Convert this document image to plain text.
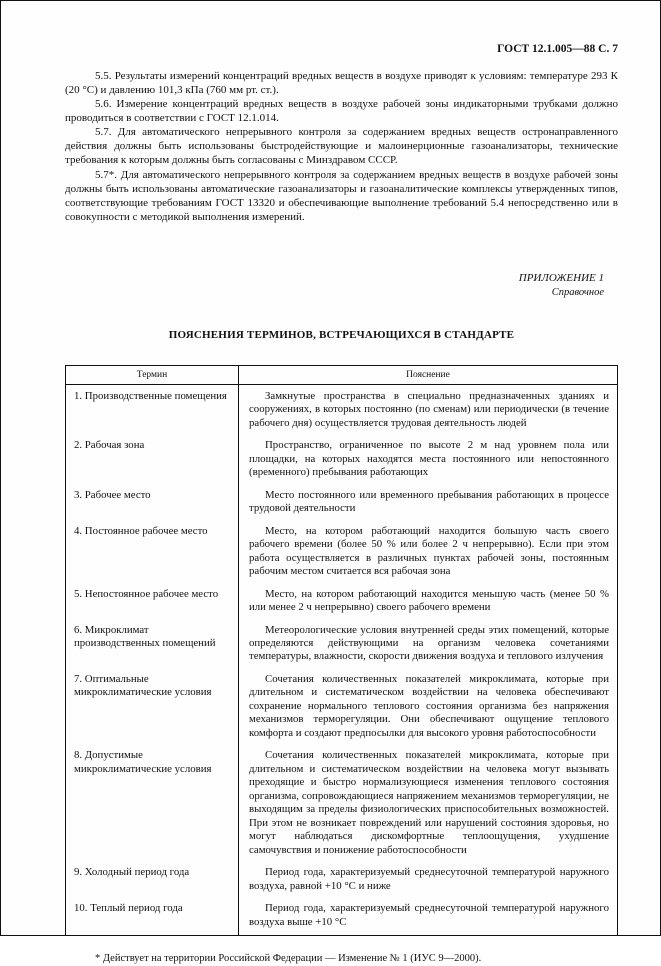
ГОСТ 12.1.005—88 С. 7

5.5. Результаты измерений концентраций вредных веществ в воздухе приводят к условиям: температуре 293 К (20 °С) и давлению 101,3 кПа (760 мм рт. ст.).

5.6. Измерение концентраций вредных веществ в воздухе рабочей зоны индикаторными трубками должно проводиться в соответствии с ГОСТ 12.1.014.

5.7. Для автоматического непрерывного контроля за содержанием вредных веществ остронаправленного действия должны быть использованы быстродействующие и малоинерционные газоанализаторы, технические требования к которым должны быть согласованы с Минздравом СССР.

5.7*. Для автоматического непрерывного контроля за содержанием вредных веществ в воздухе рабочей зоны должны быть использованы автоматические газоанализаторы и газоаналитические комплексы утвержденных типов, соответствующие требованиям ГОСТ 13320 и обеспечивающие выполнение требований 5.4 непосредственно или в совокупности с методикой выполнения измерений.

ПРИЛОЖЕНИЕ 1
Справочное
ПОЯСНЕНИЯ ТЕРМИНОВ, ВСТРЕЧАЮЩИХСЯ В СТАНДАРТЕ
Термин	Пояснение
1. Производственные помещения	Замкнутые пространства в специально предназначенных зданиях и сооружениях, в которых постоянно (по сменам) или периодически (в течение рабочего дня) осуществляется трудовая деятельность людей
2. Рабочая зона	Пространство, ограниченное по высоте 2 м над уровнем пола или площадки, на которых находятся места постоянного или непостоянного (временного) пребывания работающих
3. Рабочее место	Место постоянного или временного пребывания работающих в процессе трудовой деятельности
4. Постоянное рабочее место	Место, на котором работающий находится большую часть своего рабочего времени (более 50 % или более 2 ч непрерывно). Если при этом работа осуществляется в различных пунктах рабочей зоны, постоянным рабочим местом считается вся рабочая зона
5. Непостоянное рабочее место	Место, на котором работающий находится меньшую часть (менее 50 % или менее 2 ч непрерывно) своего рабочего времени
6. Микроклимат производственных помещений	Метеорологические условия внутренней среды этих помещений, которые определяются действующими на организм человека сочетаниями температуры, влажности, скорости движения воздуха и теплового излучения
7. Оптимальные микроклиматические условия	Сочетания количественных показателей микроклимата, которые при длительном и систематическом воздействии на человека обеспечивают сохранение нормального теплового состояния организма без напряжения механизмов терморегуляции. Они обеспечивают ощущение теплового комфорта и создают предпосылки для высокого уровня работоспособности
8. Допустимые микроклиматические условия	Сочетания количественных показателей микроклимата, которые при длительном и систематическом воздействии на человека могут вызывать преходящие и быстро нормализующиеся изменения теплового состояния организма, сопровождающиеся напряжением механизмов терморегуляции, не выходящим за пределы физиологических приспособительных возможностей. При этом не возникает повреждений или нарушений состояния здоровья, но могут наблюдаться дискомфортные теплоощущения, ухудшение самочувствия и понижение работоспособности
9. Холодный период года	Период года, характеризуемый среднесуточной температурой наружного воздуха, равной +10 °С и ниже
10. Теплый период года	Период года, характеризуемый среднесуточной температурой наружного воздуха выше +10 °С
* Действует на территории Российской Федерации — Изменение № 1 (ИУС 9—2000).
